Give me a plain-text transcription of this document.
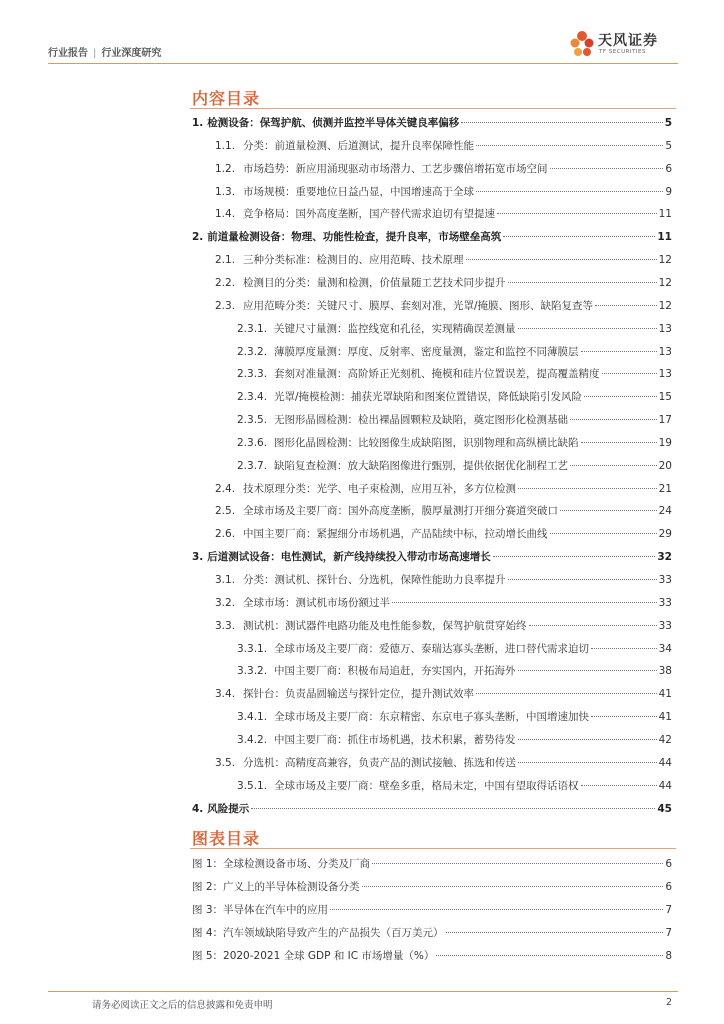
行业报告 | 行业深度研究
天风证券
TF SECURITIES
内容目录
1. 检测设备：保驾护航、侦测并监控半导体关键良率偏移	5
1.1. 分类：前道量检测、后道测试，提升良率保障性能	5
1.2. 市场趋势：新应用涌现驱动市场潜力、工艺步骤倍增拓宽市场空间	6
1.3. 市场规模：重要地位日益凸显，中国增速高于全球	9
1.4. 竞争格局：国外高度垄断，国产替代需求迫切有望提速	11
2. 前道量检测设备：物理、功能性检查，提升良率，市场壁垒高筑	11
2.1. 三种分类标准：检测目的、应用范畴、技术原理	12
2.2. 检测目的分类：量测和检测，价值量随工艺技术同步提升	12
2.3. 应用范畴分类：关键尺寸、膜厚、套刻对准，光罩/掩膜、图形、缺陷复查等	12
2.3.1. 关键尺寸量测：监控线宽和孔径，实现精确误差测量	13
2.3.2. 薄膜厚度量测：厚度、反射率、密度量测，鉴定和监控不同薄膜层	13
2.3.3. 套刻对准量测：高阶矫正光刻机、掩模和硅片位置误差，提高覆盖精度	13
2.3.4. 光罩/掩模检测：捕获光罩缺陷和图案位置错误，降低缺陷引发风险	15
2.3.5. 无图形晶圆检测：检出裸晶圆颗粒及缺陷，奠定图形化检测基础	17
2.3.6. 图形化晶圆检测：比较图像生成缺陷图，识别物理和高纵横比缺陷	19
2.3.7. 缺陷复查检测：放大缺陷图像进行甄别，提供依据优化制程工艺	20
2.4. 技术原理分类：光学、电子束检测，应用互补，多方位检测	21
2.5. 全球市场及主要厂商：国外高度垄断，膜厚量测打开细分赛道突破口	24
2.6. 中国主要厂商：紧握细分市场机遇，产品陆续中标，拉动增长曲线	29
3. 后道测试设备：电性测试，新产线持续投入带动市场高速增长	32
3.1. 分类：测试机、探针台、分选机，保障性能助力良率提升	33
3.2. 全球市场：测试机市场份额过半	33
3.3. 测试机：测试器件电路功能及电性能参数，保驾护航贯穿始终	33
3.3.1. 全球市场及主要厂商：爱德万、泰瑞达寡头垄断，进口替代需求迫切	34
3.3.2. 中国主要厂商：积极布局追赶，夯实国内，开拓海外	38
3.4. 探针台：负责晶圆输送与探针定位，提升测试效率	41
3.4.1. 全球市场及主要厂商：东京精密、东京电子寡头垄断，中国增速加快	41
3.4.2. 中国主要厂商：抓住市场机遇，技术积累，蓄势待发	42
3.5. 分选机：高精度高兼容，负责产品的测试接触、拣选和传送	44
3.5.1. 全球市场及主要厂商：壁垒多重，格局未定，中国有望取得话语权	44
4. 风险提示	45
图表目录
图 1：全球检测设备市场、分类及厂商	6
图 2：广义上的半导体检测设备分类	6
图 3：半导体在汽车中的应用	7
图 4：汽车领域缺陷导致产生的产品损失（百万美元）	7
图 5：2020-2021 全球 GDP 和 IC 市场增量（%）	8
请务必阅读正文之后的信息披露和免责申明	2
